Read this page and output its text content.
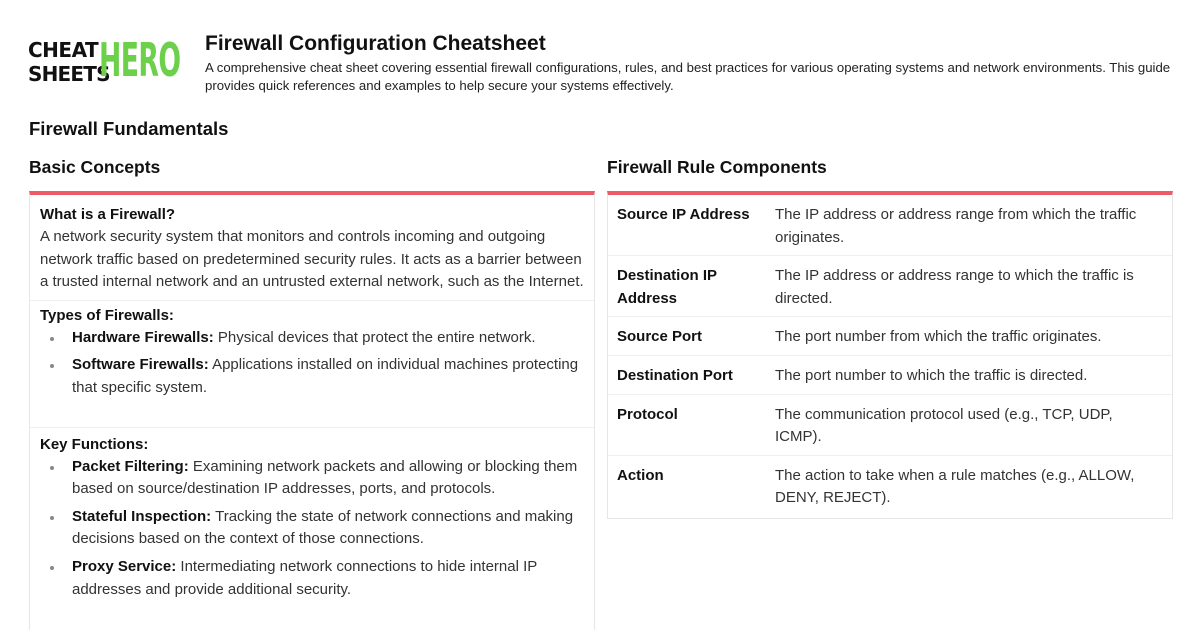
CHEAT
SHEETS
HERO Firewall Configuration Cheatsheet

A comprehensive cheat sheet covering essential firewall configurations, rules, and best practices for various operating systems and network environments. This guide provides quick references and examples to help secure your systems effectively.

Firewall Fundamentals
Basic Concepts	Firewall Rule Components
What is a Firewall?
A network security system that monitors and controls incoming and outgoing network traffic based on predetermined security rules. It acts as a barrier between a trusted internal network and an untrusted external network, such as the Internet.
Types of Firewalls:
Hardware Firewalls: Physical devices that protect the entire network.
Software Firewalls: Applications installed on individual machines protecting that specific system.
Key Functions:
Packet Filtering: Examining network packets and allowing or blocking them based on source/destination IP addresses, ports, and protocols.
Stateful Inspection: Tracking the state of network connections and making decisions based on the context of those connections.
Proxy Service: Intermediating network connections to hide internal IP addresses and provide additional security.
Source IP Address	The IP address or address range from which the traffic originates.
Destination IP Address	The IP address or address range to which the traffic is directed.
Source Port	The port number from which the traffic originates.
Destination Port	The port number to which the traffic is directed.
Protocol	The communication protocol used (e.g., TCP, UDP, ICMP).
Action	The action to take when a rule matches (e.g., ALLOW, DENY, REJECT).
